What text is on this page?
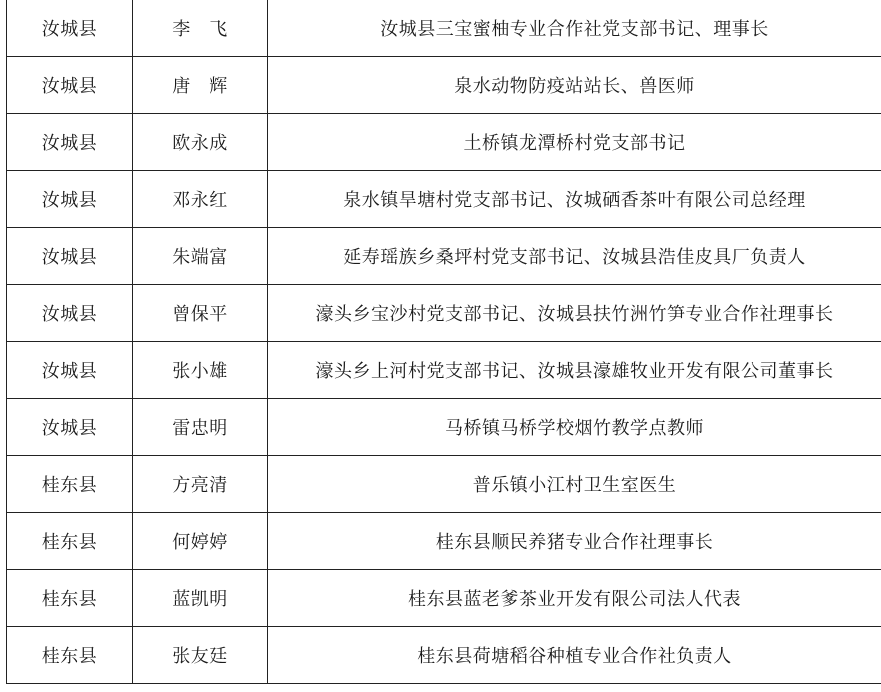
汝城县	李　飞	汝城县三宝蜜柚专业合作社党支部书记、理事长
汝城县	唐　辉	泉水动物防疫站站长、兽医师
汝城县	欧永成	土桥镇龙潭桥村党支部书记
汝城县	邓永红	泉水镇旱塘村党支部书记、汝城硒香茶叶有限公司总经理
汝城县	朱端富	延寿瑶族乡桑坪村党支部书记、汝城县浩佳皮具厂负责人
汝城县	曾保平	濠头乡宝沙村党支部书记、汝城县扶竹洲竹笋专业合作社理事长
汝城县	张小雄	濠头乡上河村党支部书记、汝城县濠雄牧业开发有限公司董事长
汝城县	雷忠明	马桥镇马桥学校烟竹教学点教师
桂东县	方亮清	普乐镇小江村卫生室医生
桂东县	何婷婷	桂东县顺民养猪专业合作社理事长
桂东县	蓝凯明	桂东县蓝老爹茶业开发有限公司法人代表
桂东县	张友廷	桂东县荷塘稻谷种植专业合作社负责人
